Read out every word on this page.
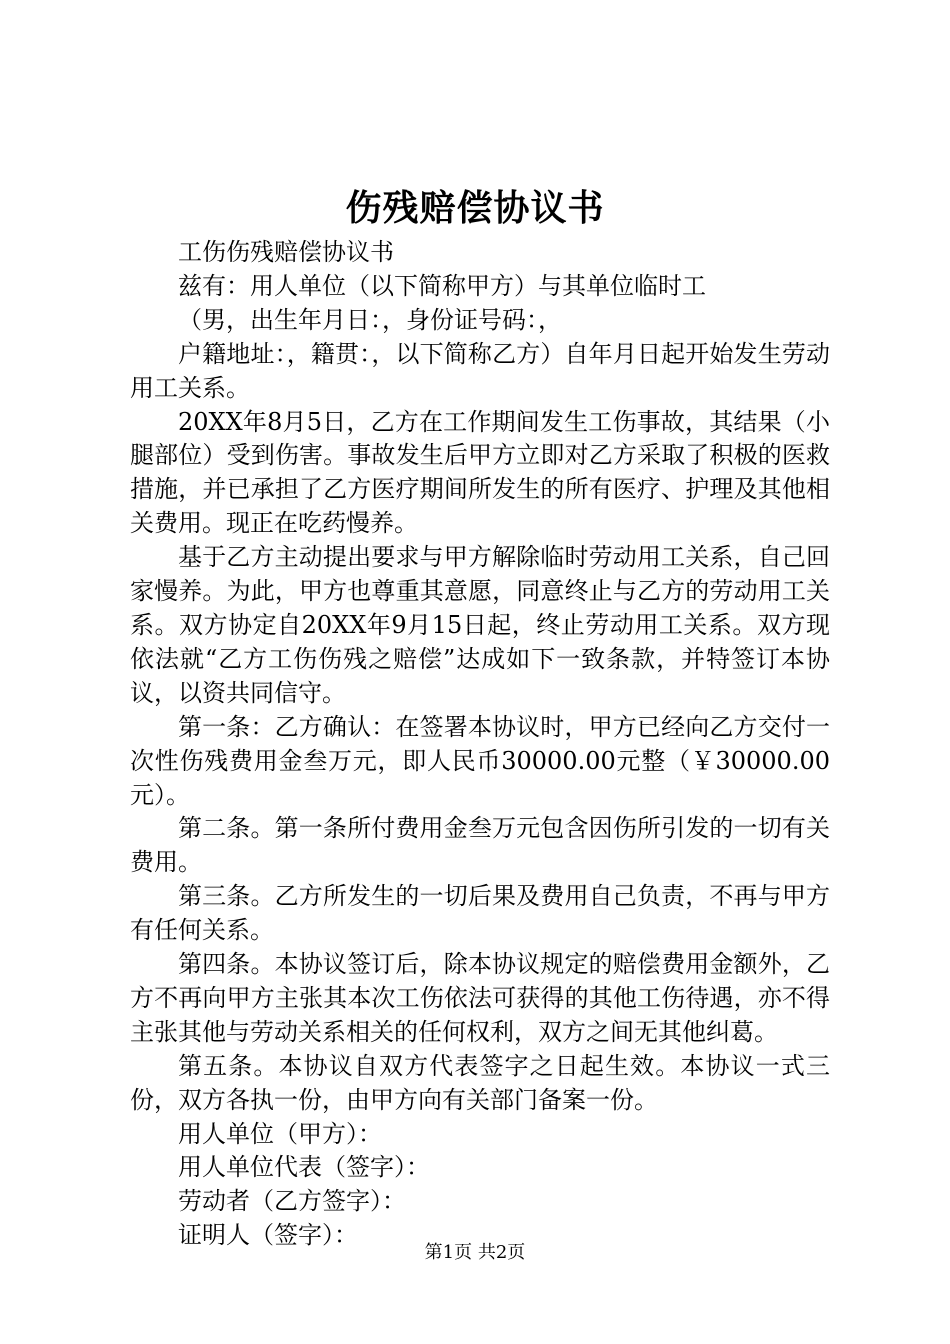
伤残赔偿协议书

工伤伤残赔偿协议书

兹有：用人单位（以下简称甲方）与其单位临时工

（男，出生年月日：，身份证号码：，

户籍地址：，籍贯：，以下简称乙方）自年月日起开始发生劳动用工关系。

20XX年8月5日，乙方在工作期间发生工伤事故，其结果（小腿部位）受到伤害。事故发生后甲方立即对乙方采取了积极的医救措施，并已承担了乙方医疗期间所发生的所有医疗、护理及其他相关费用。现正在吃药慢养。

基于乙方主动提出要求与甲方解除临时劳动用工关系，自己回家慢养。为此，甲方也尊重其意愿，同意终止与乙方的劳动用工关系。双方协定自20XX年9月15日起，终止劳动用工关系。双方现依法就“乙方工伤伤残之赔偿”达成如下一致条款，并特签订本协议，以资共同信守。

第一条：乙方确认：在签署本协议时，甲方已经向乙方交付一次性伤残费用金叁万元，即人民币30000.00元整（￥30000.00元）。

第二条。第一条所付费用金叁万元包含因伤所引发的一切有关费用。

第三条。乙方所发生的一切后果及费用自己负责，不再与甲方有任何关系。

第四条。本协议签订后，除本协议规定的赔偿费用金额外，乙方不再向甲方主张其本次工伤依法可获得的其他工伤待遇，亦不得主张其他与劳动关系相关的任何权利，双方之间无其他纠葛。

第五条。本协议自双方代表签字之日起生效。本协议一式三份，双方各执一份，由甲方向有关部门备案一份。

用人单位（甲方）：

用人单位代表（签字）：

劳动者（乙方签字）：

证明人（签字）：

第1页 共2页
